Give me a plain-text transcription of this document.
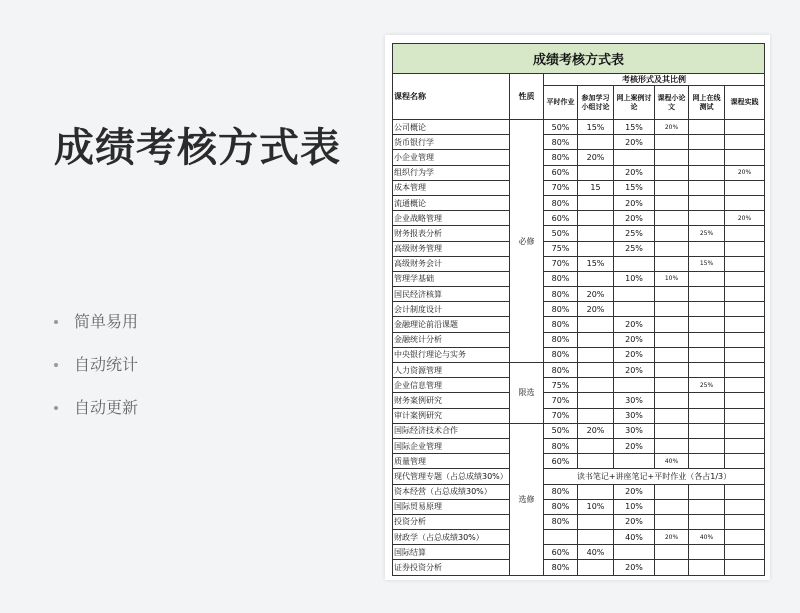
成绩考核方式表
简单易用
自动统计
自动更新
成绩考核方式表							
课程名称	性质	考核形式及其比例					
		平时作业	参加学习小组讨论	网上案例讨论	课程小论文	网上在线测试	课程实践
公司概论	必修	50%	15%	15%	20%		
货币银行学		80%		20%			
小企业管理		80%	20%				
组织行为学		60%		20%			20%
成本管理		70%	15	15%			
流通概论		80%		20%			
企业战略管理		60%		20%			20%
财务报表分析		50%		25%		25%	
高级财务管理		75%		25%			
高级财务会计		70%	15%			15%	
管理学基础		80%		10%	10%		
国民经济核算		80%	20%				
会计制度设计		80%	20%				
金融理论前沿课题		80%		20%			
金融统计分析		80%		20%			
中央银行理论与实务		80%		20%			
人力资源管理	限选	80%		20%			
企业信息管理		75%				25%	
财务案例研究		70%		30%			
审计案例研究		70%		30%			
国际经济技术合作	选修	50%	20%	30%			
国际企业管理		80%		20%			
质量管理		60%			40%		
现代管理专题（占总成绩30%）		读书笔记+讲座笔记+平时作业（各占1/3）					
资本经营（占总成绩30%）		80%		20%			
国际贸易原理		80%	10%	10%			
投资分析		80%		20%			
财政学（占总成绩30%）				40%	20%	40%	
国际结算		60%	40%				
证券投资分析		80%		20%			
